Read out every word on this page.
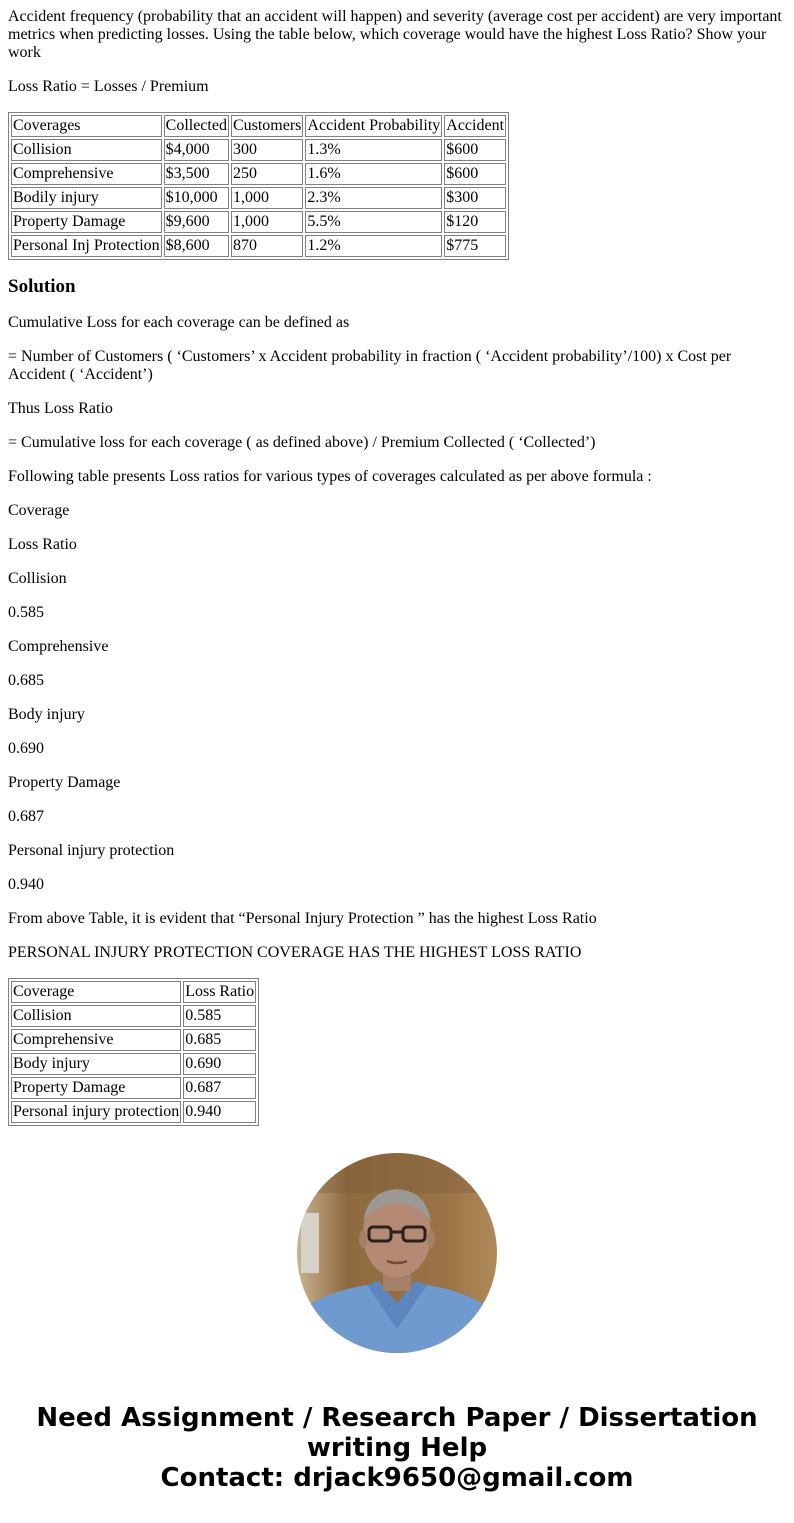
Accident frequency (probability that an accident will happen) and severity (average cost per accident) are very important metrics when predicting losses. Using the table below, which coverage would have the highest Loss Ratio? Show your work

Loss Ratio = Losses / Premium

Coverages	Collected	Customers	Accident Probability	Accident
Collision	$4,000	300	1.3%	$600
Comprehensive	$3,500	250	1.6%	$600
Bodily injury	$10,000	1,000	2.3%	$300
Property Damage	$9,600	1,000	5.5%	$120
Personal Inj Protection	$8,600	870	1.2%	$775
Solution

Cumulative Loss for each coverage can be defined as

= Number of Customers ( ‘Customers’ x Accident probability in fraction ( ‘Accident probability’/100) x Cost per Accident ( ‘Accident’)

Thus Loss Ratio

= Cumulative loss for each coverage ( as defined above) / Premium Collected ( ‘Collected’)

Following table presents Loss ratios for various types of coverages calculated as per above formula :

Coverage

Loss Ratio

Collision

0.585

Comprehensive

0.685

Body injury

0.690

Property Damage

0.687

Personal injury protection

0.940

From above Table, it is evident that “Personal Injury Protection ” has the highest Loss Ratio

PERSONAL INJURY PROTECTION COVERAGE HAS THE HIGHEST LOSS RATIO

Coverage	Loss Ratio
Collision	0.585
Comprehensive	0.685
Body injury	0.690
Property Damage	0.687
Personal injury protection	0.940
Need Assignment / Research Paper / Dissertation
writing Help
Contact: drjack9650@gmail.com
